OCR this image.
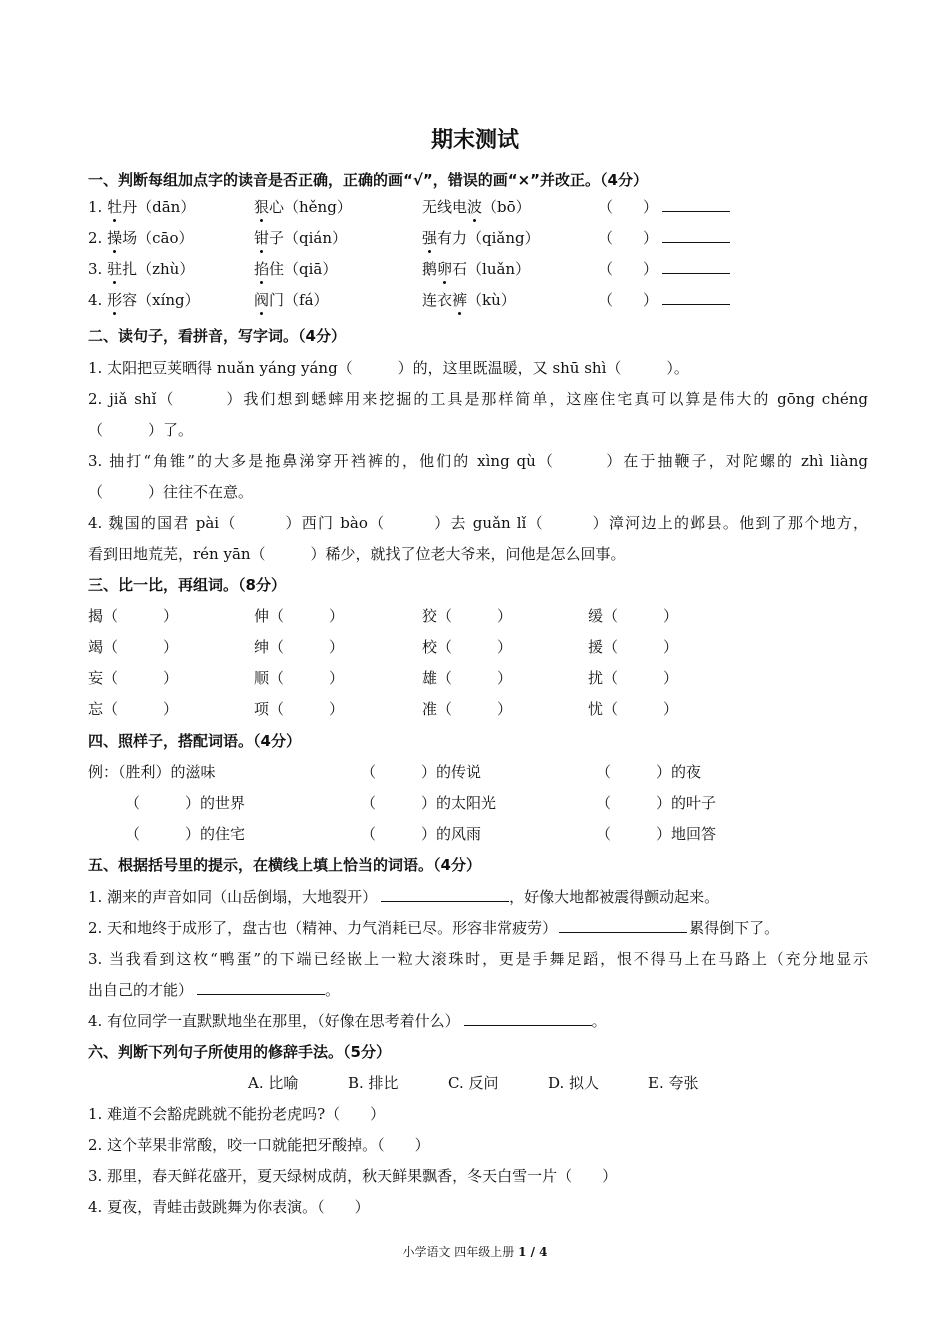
期末测试
一、判断每组加点字的读音是否正确，正确的画“√”，错误的画“×”并改正。（4分）
1. 牡丹（dān）	狠心（hěng）	无线电波（bō）	（　　）
2. 操场（cāo）	钳子（qián）	强有力（qiǎng）	（　　）
3. 驻扎（zhù）	掐住（qiā）	鹅卵石（luǎn）	（　　）
4. 形容（xíng）	阀门（fá）	连衣裤（kù）	（　　）
二、读句子，看拼音，写字词。（4分）
1. 太阳把豆荚晒得 nuǎn yáng yáng（　　　）的，这里既温暖，又 shū shì（　　　）。
2. jiǎ shǐ（　　　）我们想到蟋蟀用来挖掘的工具是那样简单，这座住宅真可以算是伟大的 gōng chéng
（　　　）了。
3. 抽打“角锥”的大多是拖鼻涕穿开裆裤的，他们的 xìng qù（　　　）在于抽鞭子，对陀螺的 zhì liàng
（　　　）往往不在意。
4. 魏国的国君 pài（　　　）西门 bào（　　　）去 guǎn lǐ（　　　）漳河边上的邺县。他到了那个地方，
看到田地荒芜，rén yān（　　　）稀少，就找了位老大爷来，问他是怎么回事。
三、比一比，再组词。（8分）
揭（　　　）	伸（　　　）	狡（　　　）	缓（　　　）
竭（　　　）	绅（　　　）	校（　　　）	援（　　　）
妄（　　　）	顺（　　　）	雄（　　　）	扰（　　　）
忘（　　　）	项（　　　）	准（　　　）	忧（　　　）
四、照样子，搭配词语。（4分）
例：（胜利）的滋味	（　　　）的传说	（　　　）的夜
（　　　）的世界	（　　　）的太阳光	（　　　）的叶子
（　　　）的住宅	（　　　）的风雨	（　　　）地回答
五、根据括号里的提示，在横线上填上恰当的词语。（4分）
1. 潮来的声音如同（山岳倒塌，大地裂开）	，好像大地都被震得颤动起来。
2. 天和地终于成形了，盘古也（精神、力气消耗已尽。形容非常疲劳）	累得倒下了。
3. 当我看到这枚“鸭蛋”的下端已经嵌上一粒大滚珠时，更是手舞足蹈，恨不得马上在马路上（充分地显示
出自己的才能）	。
4. 有位同学一直默默地坐在那里，（好像在思考着什么）	。
六、判断下列句子所使用的修辞手法。（5分）
A. 比喻	B. 排比	C. 反问	D. 拟人	E. 夸张
1. 难道不会豁虎跳就不能扮老虎吗?（　　）
2. 这个苹果非常酸，咬一口就能把牙酸掉。（　　）
3. 那里，春天鲜花盛开，夏天绿树成荫，秋天鲜果飘香，冬天白雪一片（　　）
4. 夏夜，青蛙击鼓跳舞为你表演。（　　）
小学语文 四年级上册 1 / 4
